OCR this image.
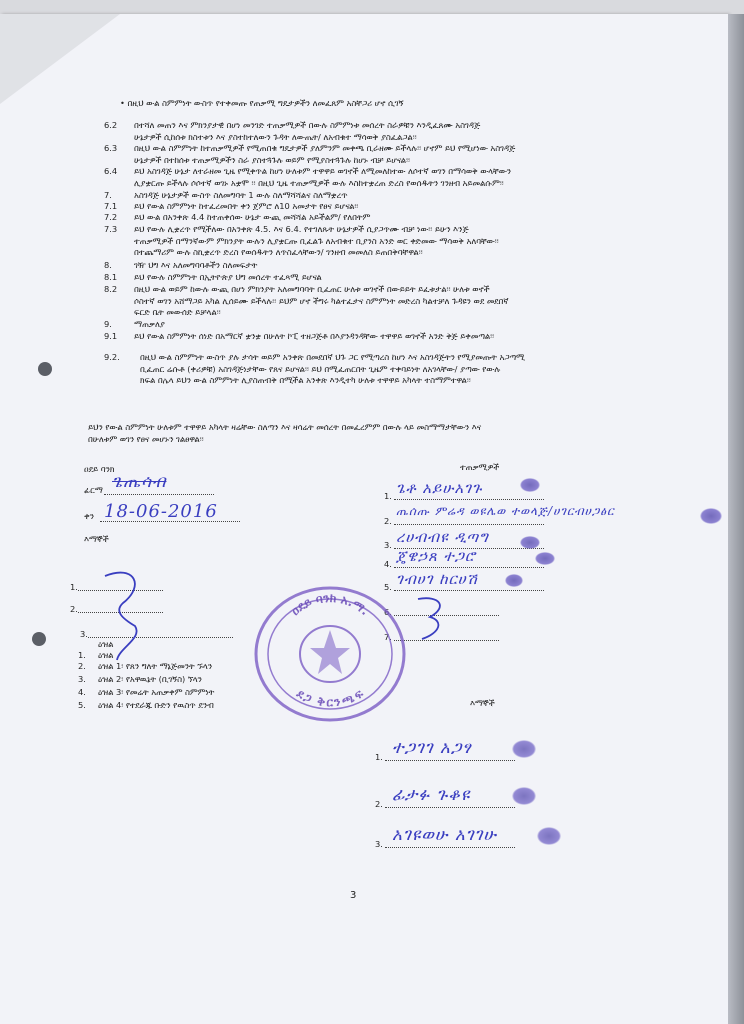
• በዚህ ውል ስምምነት ውስጥ የተቀመጡ የጠቃሚ ግዴታዎችን ለመፈጸም አስቸጋሪ ሆኖ ሲገኝ
6.2 በተሻለ መጠን እና ምክንያታዊ በሆነ መንገድ ተጠቃሚዎች በውሉ ስምምነቱ መሰረት ስራዎቹን እንዲፈጸሙ አስገዳጅ
ሁኔታዎች ሲከሰቱ ክስተቱን እና ያስተከተለውን ጉዳት ለውጤት/ ለአብቁተ ማሳወቅ ያስፈልጋል፡፡
6.3 በዚህ ውል ስምምነት ከተጠቃሚዎች የሚጠበቁ ግዴታዎች ያለምንም መቀጫ ቢራዘሙ ይችላሉ፡፡ ሆኖም ይህ የሚሆነው አስገዳጅ
ሁኔታዎች በተከሰቱ ተጠቃሚዎችን ስራ ያስተጓጉሉ ወይም የሚያስተጓጉሉ ከሆኑ ብቻ ይሆናል፡፡
6.4 ይህ አስገዳጅ ሁኔታ ለተራዘመ ጊዜ የሚቀጥል ከሆነ ሁለቱም ተዋዋይ ወገኖች ለሚመለከተው ለሶተኛ ወገን በማሳወቅ ውላቸውን
ሊያቋርጡ ይችላሉ ሶሶተኛ ወገኑ አቋሞ ፡፡ በዚህ ጊዜ ተጠቃሚዎች ውሉ እስከተቋረጠ ድረስ የወሰዱትን ገንዘብ አይመልሱም፡፡
7.	አስገዳጅ ሁኔታዎች ውስጥ ስለመግባት 1 ውሉ ስለማሻሻልና ስለማቋረጥ
7.1 ይህ የውል ስምምነት ከተፈረመበት ቀን ጀምሮ ለ10 አመታት የፀና ይሆናል፡፡
7.2 ይህ ውል በአንቀጽ 4.4 ከተጠቀሰው ሁኔታ ውጪ መሻሻል አይችልም/ የለበትም
7.3 ይህ የውሉ ሊቋረጥ የሚችለው በአንቀጽ 4.5. እና 6.4. የተገለጹት ሁኔታዎች ሲያጋጥሙ ብቻ ነው፡፡ ይሁን እንጅ
ተጠቃሚዎች በማንኛውም ምክንያት ውሉን ሊያቋርጡ ቢፈልጉ ለአብቁተ ቢያንስ አንድ ወር ቀድመው ማሳወቅ አለባቸው፡፡
በተጨማሪም ውሉ ስኪቋረጥ ድረስ የወሰዱትን ለጥስፈላቸውን/ ገንዘብ መመለስ ይጠበቅባቸዋል፡፡
8.	ገዥ ህግ እና አለመግባባቶችን ስለመፍታት
8.1 ይህ የውሉ ስምምነት በኢትዮጵያ ህግ መሰረት ተፈጻሚ ይሆናል
8.2 በዚህ ውል ወይም ከውሉ ውጪ በሆነ ምክንያት አለመግባባት ቢፈጠር ሁለቱ ወገኖች በውይይት ይፈቱታል፡፡ ሁለቱ ወኖች
ሶስተኛ ወገን አሸማጋይ አካል ሊሰይሙ ይችላሉ፡፡ ይህም ሆኖ ችግሩ ካልተፈታና ስምምነት መድረስ ካልተቻለ ጉዳዩን ወደ መደበኛ
ፍርድ ቤት መውሰድ ይቻላል፡፡
9.	ማጠቃለያ
9.1 ይህ የውል ስምምነት ሰነድ በአማርኛ ቋንቋ በሁለት ኮፒ ተዘጋጅቶ በእያንዳንዳቸው ተዋዋይ ወገኖች አንድ ቅጅ ይቀመጣል፡፡
9.2. በዚህ ውል ስምምነት ውስጥ ያሉ ታሳት ወይም አንቀጽ በመደበኛ ህጉ ጋር የሚጣረስ ከሆነ እና አስገዳጅትን የሚያመጡት አጋጣሚ
ቢፈጠር ሬሱቶ (ቀሪዎቹ) አስገዳጅነታቸው የጸና ይሆናል፡፡ ይህ በሚፈጠርበት ጊዜም ተቀባይነት ለአገላቸው/ ያጣው የውሉ
ክፍል በሌላ ይህን ውል ስምምነት ሊያስጠብቅ በሚችል አንቀጽ እንዲተካ ሁለቱ ተዋዋይ አካላት ተስማምተዋል፡፡
ይህን የውል ስምምነት ሁለቱም ተዋዋይ አካላት ዛሬቸው ስለጣን እና ዛሳሬት መሰረት በመፈረምም በውሉ ላይ መስማማታቸውን እና
በሁለቱም ወገን የፀና መሆኑን ገልፀዋል፡፡
ዐደይ ባንክ
ፊርማ ጌጤሳብ
ቀን 18-06-2016
እማኞች
1.
2.
3.
ተጠቃሚዎች
1. ጌቶ አይሁአገጉ
2.
ጤሰጡ ምሬዳ ወዩሌወ ተወላጅ/ሀገርብሀጋፅር
3. ረሀብብዩ ዲጣግ
4. ጄዌኃጸ ተጋሮ
5. ገብሀገ ከርሀሽ
6.
7.
ዐደይ ባንክ አ.ማ.
ደጋ ቅርንጫፍ
1. ዕዝል
2. ዕዝል 1፡ የጸን ግለት ማኔጅመንት ኙላን
3. ዕዝል 2፡ የአዋዉኔት (ቢገኝስ) ኘላን
4. ዕዝል 3፡ የመሬት አጠቃቀም ስምምነት
5. ዕዝል 4፡ የተደራጁ ቡድን የዉስጥ ደንብ
ዕዝል
እማኞች
1. ተጋገገ አጋፃ
2. ፊታፉ ጉቆዩ
3. አገዩወሁ አገገሁ
3
